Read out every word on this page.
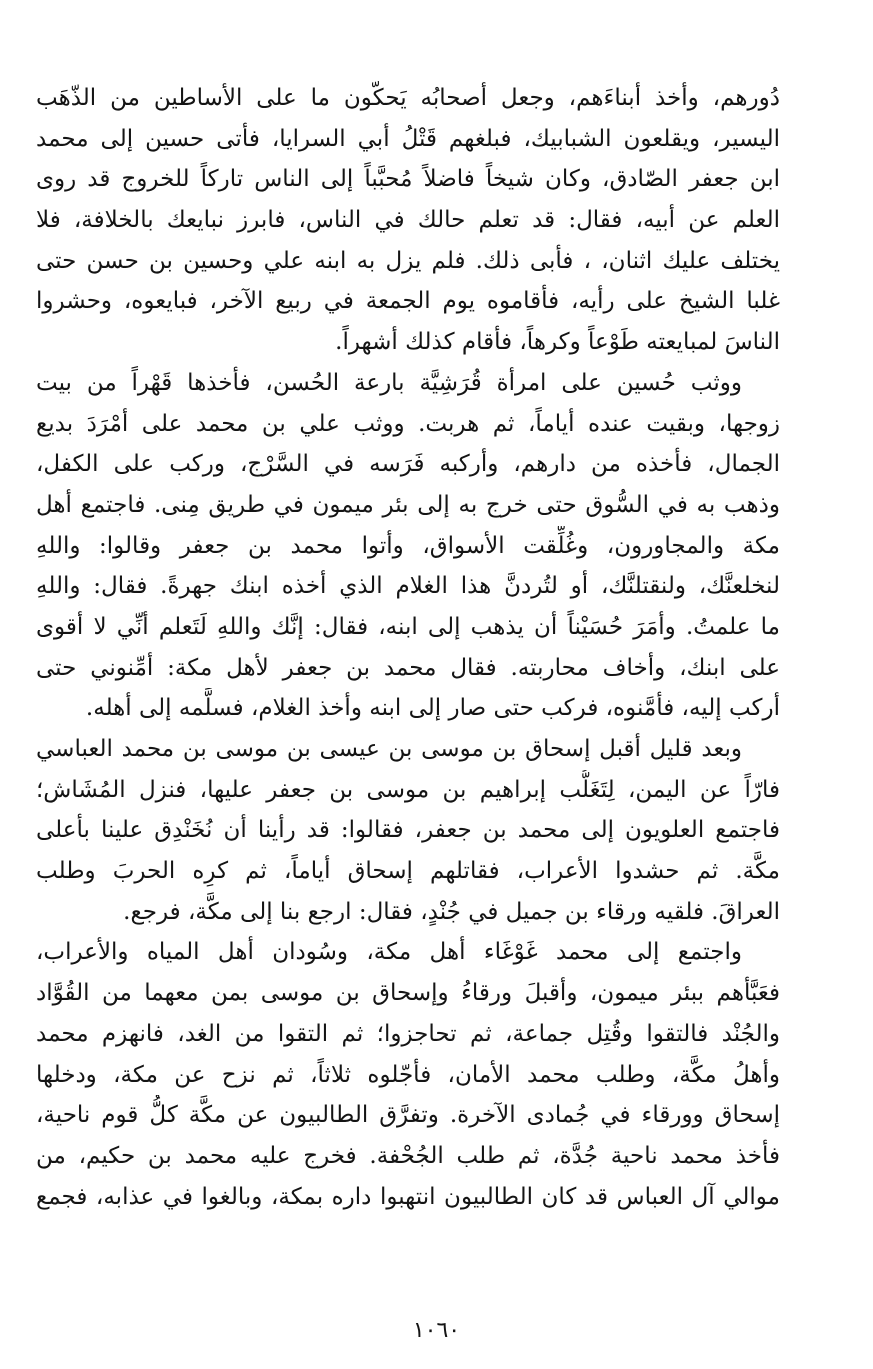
دُورهم، وأخذ أبناءَهم، وجعل أصحابُه يَحكّون ما على الأساطين من الذّهَب
اليسير، ويقلعون الشبابيك، فبلغهم قَتْلُ أبي السرايا، فأتى حسين إلى محمد
ابن جعفر الصّادق، وكان شيخاً فاضلاً مُحبَّباً إلى الناس تاركاً للخروج قد روى
العلم عن أبيه، فقال: قد تعلم حالك في الناس، فابرز نبايعك بالخلافة، فلا
يختلف عليك اثنان، ، فأبى ذلك. فلم يزل به ابنه علي وحسين بن حسن حتى
غلبا الشيخ على رأيه، فأقاموه يوم الجمعة في ربيع الآخر، فبايعوه، وحشروا
الناسَ لمبايعته طَوْعاً وكرهاً، فأقام كذلك أشهراً.
ووثب حُسين على امرأة قُرَشِيَّة بارعة الحُسن، فأخذها قَهْراً من بيت
زوجها، وبقيت عنده أياماً، ثم هربت. ووثب علي بن محمد على أمْرَدَ بديع
الجمال، فأخذه من دارهم، وأركبه فَرَسه في السَّرْج، وركب على الكفل،
وذهب به في السُّوق حتى خرج به إلى بئر ميمون في طريق مِنى. فاجتمع أهل
مكة والمجاورون، وغُلِّقت الأسواق، وأتوا محمد بن جعفر وقالوا: واللهِ
لنخلعنَّك، ولنقتلنَّك، أو لتُردنَّ هذا الغلام الذي أخذه ابنك جهرةً. فقال: واللهِ
ما علمتُ. وأمَرَ حُسَيْناً أن يذهب إلى ابنه، فقال: إنَّك واللهِ لَتَعلم أنِّي لا أقوى
على ابنك، وأخاف محاربته. فقال محمد بن جعفر لأهل مكة: أمِّنوني حتى
أركب إليه، فأمَّنوه، فركب حتى صار إلى ابنه وأخذ الغلام، فسلَّمه إلى أهله.
وبعد قليل أقبل إسحاق بن موسى بن عيسى بن موسى بن محمد العباسي
فارّاً عن اليمن، لِتَغَلُّب إبراهيم بن موسى بن جعفر عليها، فنزل المُشَاش؛
فاجتمع العلويون إلى محمد بن جعفر، فقالوا: قد رأينا أن نُخَنْدِق علينا بأعلى
مكَّة. ثم حشدوا الأعراب، فقاتلهم إسحاق أياماً، ثم كرِه الحربَ وطلب
العراقَ. فلقيه ورقاء بن جميل في جُنْدٍ، فقال: ارجع بنا إلى مكَّة، فرجع.
واجتمع إلى محمد غَوْغَاء أهل مكة، وسُودان أهل المياه والأعراب،
فعَبَّأهم ببئر ميمون، وأقبلَ ورقاءُ وإسحاق بن موسى بمن معهما من القُوَّاد
والجُنْد فالتقوا وقُتِل جماعة، ثم تحاجزوا؛ ثم التقوا من الغد، فانهزم محمد
وأهلُ مكَّة، وطلب محمد الأمان، فأجّلوه ثلاثاً، ثم نزح عن مكة، ودخلها
إسحاق وورقاء في جُمادى الآخرة. وتفرَّق الطالبيون عن مكَّة كلُّ قوم ناحية،
فأخذ محمد ناحية جُدَّة، ثم طلب الجُحْفة. فخرج عليه محمد بن حكيم، من
موالي آل العباس قد كان الطالبيون انتهبوا داره بمكة، وبالغوا في عذابه، فجمع
١٠٦٠
